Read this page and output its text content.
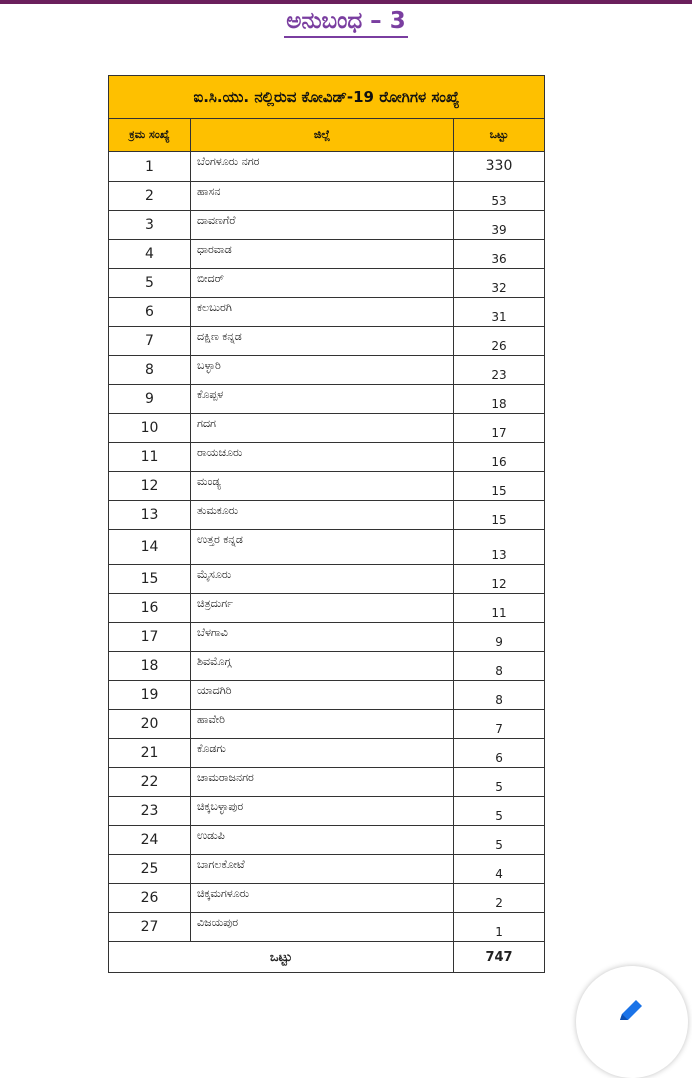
ಅನುಬಂಧ – 3
ಐ.ಸಿ.ಯು. ನಲ್ಲಿರುವ ಕೋವಿಡ್-19 ರೋಗಿಗಳ ಸಂಖ್ಯೆ		
ಕ್ರಮ ಸಂಖ್ಯೆ	ಜಿಲ್ಲೆ	ಒಟ್ಟು
1	ಬೆಂಗಳೂರು ನಗರ	330
2	ಹಾಸನ	53
3	ದಾವಣಗೆರೆ	39
4	ಧಾರವಾಡ	36
5	ಬೀದರ್	32
6	ಕಲಬುರಗಿ	31
7	ದಕ್ಷಿಣ ಕನ್ನಡ	26
8	ಬಳ್ಳಾರಿ	23
9	ಕೊಪ್ಪಳ	18
10	ಗದಗ	17
11	ರಾಯಚೂರು	16
12	ಮಂಡ್ಯ	15
13	ತುಮಕೂರು	15
14	ಉತ್ತರ ಕನ್ನಡ	13
15	ಮೈಸೂರು	12
16	ಚಿತ್ರದುರ್ಗ	11
17	ಬೆಳಗಾವಿ	9
18	ಶಿವಮೊಗ್ಗ	8
19	ಯಾದಗಿರಿ	8
20	ಹಾವೇರಿ	7
21	ಕೊಡಗು	6
22	ಚಾಮರಾಜನಗರ	5
23	ಚಿಕ್ಕಬಳ್ಳಾಪುರ	5
24	ಉಡುಪಿ	5
25	ಬಾಗಲಕೋಟೆ	4
26	ಚಿಕ್ಕಮಗಳೂರು	2
27	ವಿಜಯಪುರ	1
ಒಟ್ಟು		747
